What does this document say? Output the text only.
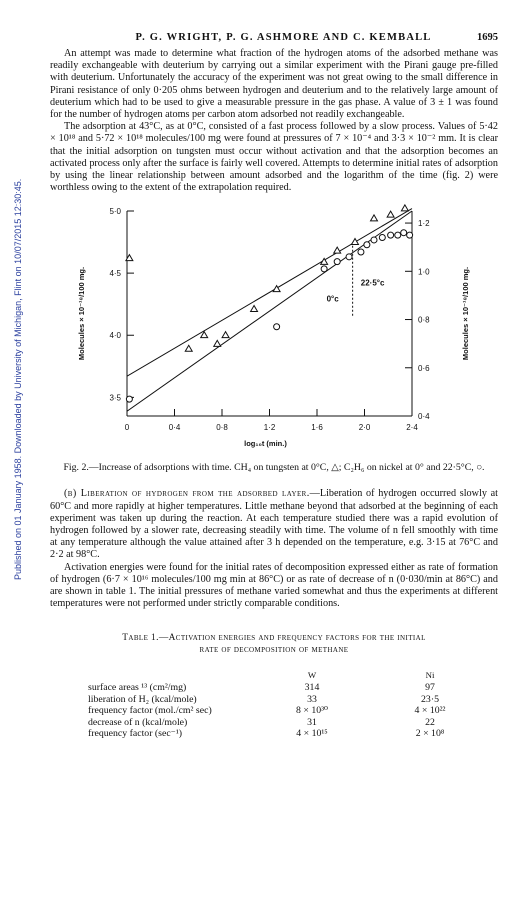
Published on 01 January 1958. Downloaded by University of Michigan, Flint on 10/07/2015 12:30:45.
P. G. WRIGHT, P. G. ASHMORE AND C. KEMBALL	1695

An attempt was made to determine what fraction of the hydrogen atoms of the adsorbed methane was readily exchangeable with deuterium by carrying out a similar experiment with the Pirani gauge pre-filled with deuterium. Unfortunately the accuracy of the experiment was not great owing to the small difference in Pirani resistance of only 0·205 ohms between hydrogen and deuterium and to the relatively large amount of deuterium which had to be used to give a measurable pressure in the gas phase. A value of 3 ± 1 was found for the number of hydrogen atoms per carbon atom adsorbed not readily exchangeable.

The adsorption at 43°C, as at 0°C, consisted of a fast process followed by a slow process. Values of 5·42 × 10¹⁸ and 5·72 × 10¹⁸ molecules/100 mg were found at pressures of 7 × 10⁻⁴ and 3·3 × 10⁻² mm. It is clear that the initial adsorption on tungsten must occur without activation and that the adsorption becomes an activated process only after the surface is fairly well covered. Attempts to determine initial rates of adsorption by using the linear relationship between amount adsorbed and the logarithm of the time (fig. 2) were worthless owing to the extent of the extrapolation required.

0	0·4	0·8	1·2	1·6	2·0	2·4
3·5
4·0
4·5
5·0
0·4
0·6
0·8
1·0
1·2
log₁₀t (min.)
Molecules × 10⁻¹⁸/100 mg.	Molecules × 10⁻¹⁸/100 mg.
0°c
22·5°c
Fig. 2.—Increase of adsorptions with time. CH₄ on tungsten at 0°C, △; C₂H₆ on nickel at 0° and 22·5°C, ○.

(b) Liberation of hydrogen from the adsorbed layer.—Liberation of hydrogen occurred slowly at 60°C and more rapidly at higher temperatures. Little methane beyond that adsorbed at the beginning of each experiment was taken up during the reaction. At each temperature studied there was a rapid evolution of hydrogen followed by a slower rate, decreasing steadily with time. The volume of n fell smoothly with time at any temperature although the value attained after 3 h depended on the temperature, e.g. 3·15 at 76°C and 2·2 at 98°C.

Activation energies were found for the initial rates of decomposition expressed either as rate of formation of hydrogen (6·7 × 10¹⁶ molecules/100 mg min at 86°C) or as rate of decrease of n (0·030/min at 86°C) and are shown in table 1. The initial pressures of methane varied somewhat and thus the experiments at different temperatures were not performed under strictly comparable conditions.

Table 1.—Activation energies and frequency factors for the initial
rate of decomposition of methane
	W	Ni
surface areas ¹³ (cm²/mg)	314	97
liberation of H₂ (kcal/mole)	33	23·5
frequency factor (mol./cm² sec)	8 × 10³⁰	4 × 10²²
decrease of n (kcal/mole)	31	22
frequency factor (sec⁻¹)	4 × 10¹⁵	2 × 10⁸
